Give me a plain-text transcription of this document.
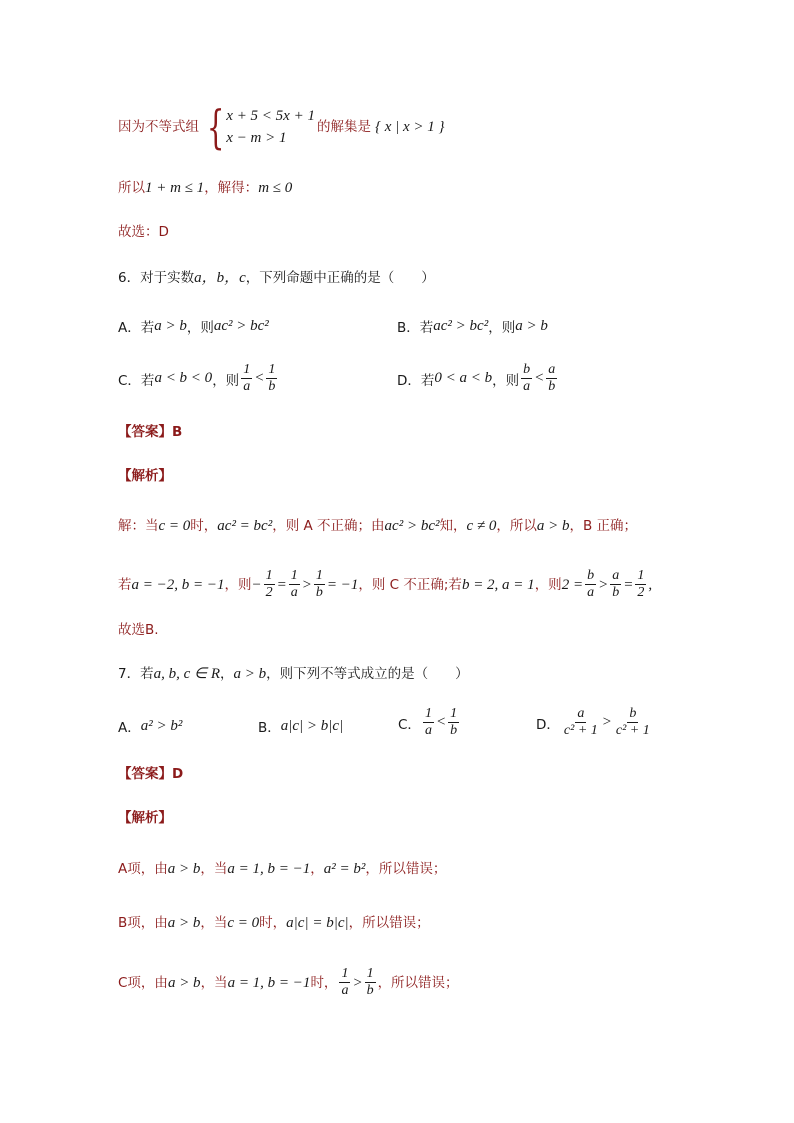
因为不等式组 { x + 5 < 5x + 1
x − m > 1
的解集是 { x | x > 1 }
所以 1 + m ≤ 1 ，解得： m ≤ 0
故选：D
6．对于实数 a，b，c ，下列命题中正确的是（　　）
A．若 a > b ，则 ac² > bc²	B．若 ac² > bc² ，则 a > b
C．若 a < b < 0 ，则 $\frac{1}{a} < \frac{1}{b}$	D．若 0 < a < b ，则 $\frac{b}{a} < \frac{a}{b}$
【答案】B
【解析】
解：当 c = 0 时， ac² = bc² ，则 A 不正确；由 ac² > bc² 知， c ≠ 0 ，所以 a > b ，B 正确；
若 a = −2, b = −1 ，则 − $\frac{1}{2} = \frac{1}{a} > \frac{1}{b} = -1$ ，则 C 不正确;若 b = 2, a = 1 ，则 $2 = \frac{b}{a} > \frac{a}{b} = \frac{1}{2}$ ,
故选B.
7．若 a, b, c ∈ R ， a > b ，则下列不等式成立的是（　　）
A． a² > b²	B． a|c| > b|c|	C． $\frac{1}{a} < \frac{1}{b}$	D． $\frac{a}{\text{c² + 1}} > \frac{b}{\text{c² + 1}}$
【答案】D
【解析】
A项，由 a > b ，当 a = 1, b = −1 ， a² = b² ，所以错误；
B项，由 a > b ，当 c = 0 时， a|c| = b|c| ，所以错误；
C项，由 a > b ，当 a = 1, b = −1 时， $\frac{1}{a} > \frac{1}{b}$ ，所以错误；
